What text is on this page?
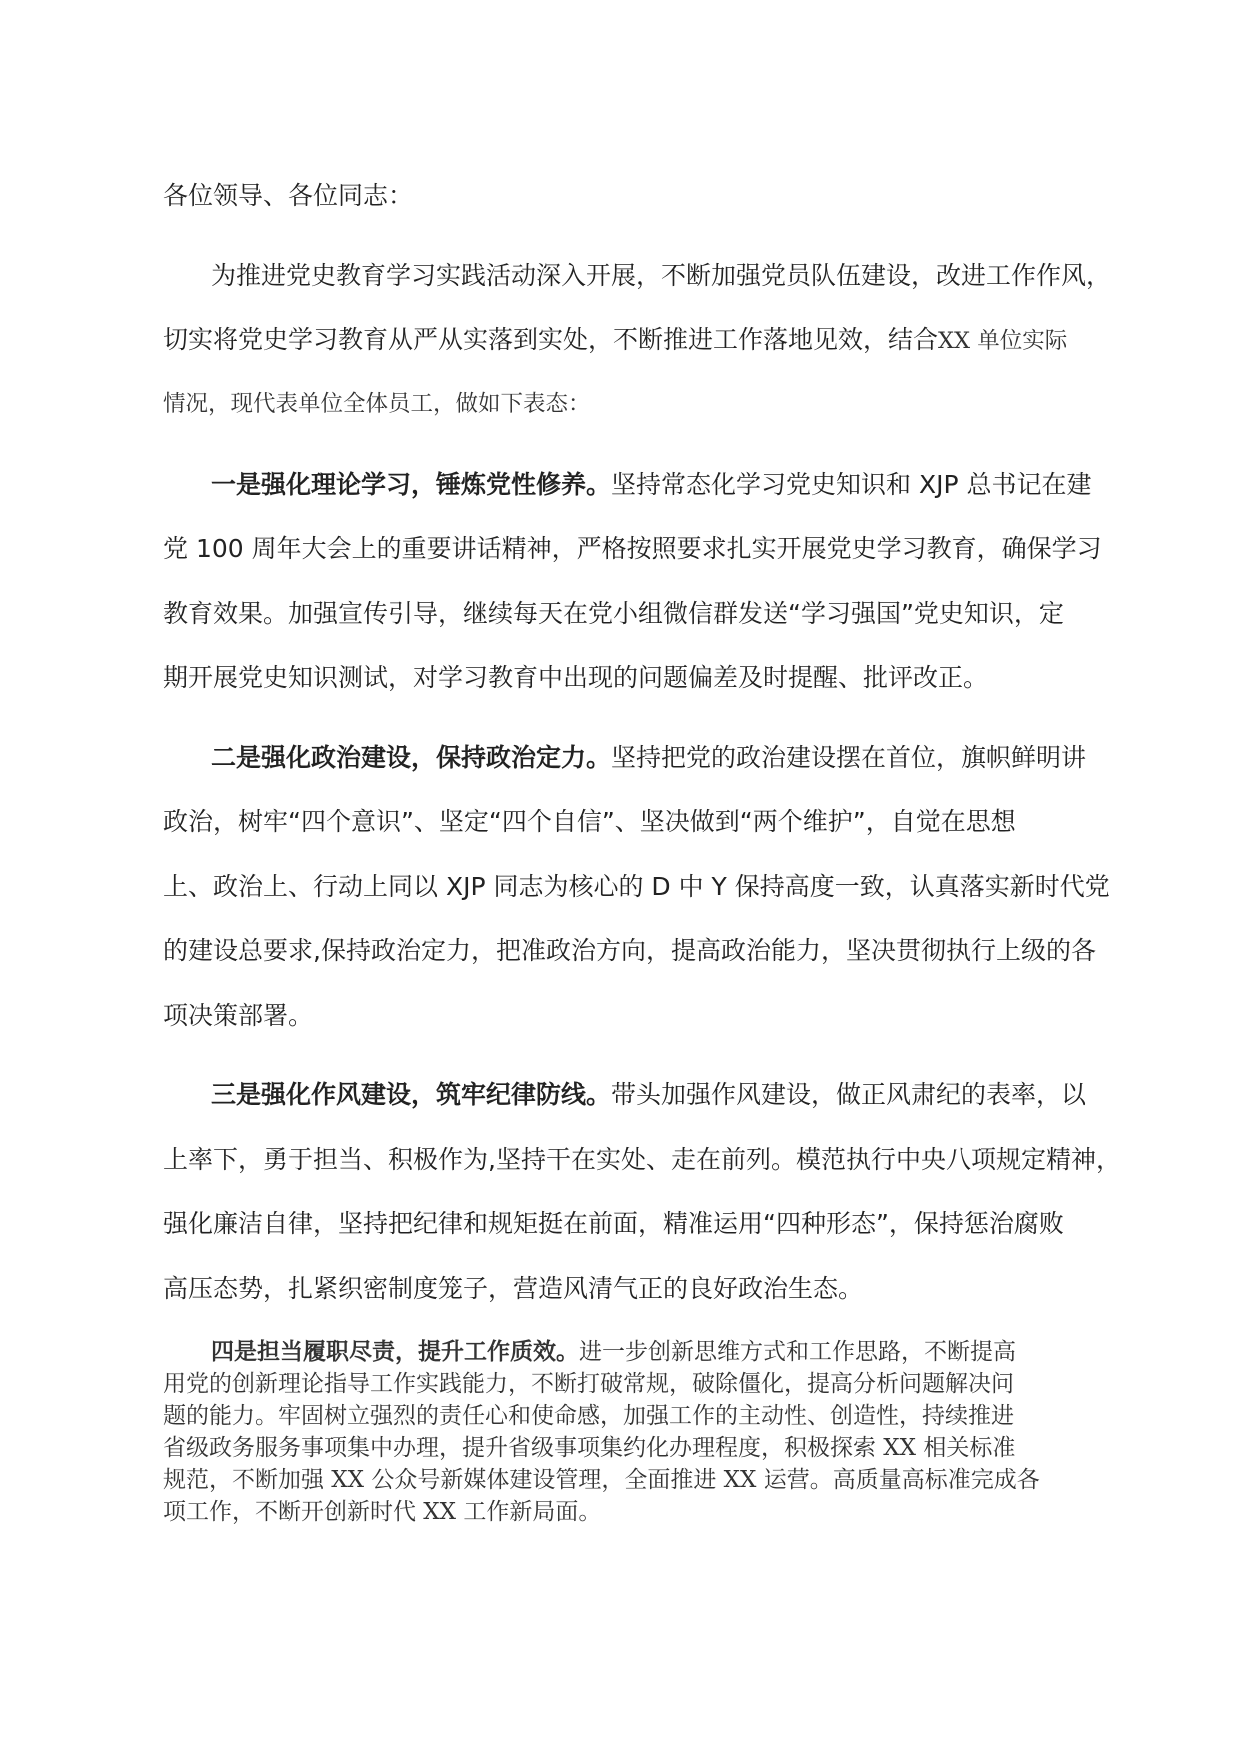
各位领导、各位同志：
为推进党史教育学习实践活动深入开展，不断加强党员队伍建设，改进工作作风，
切实将党史学习教育从严从实落到实处，不断推进工作落地见效，结合XX 单位实际
情况，现代表单位全体员工，做如下表态：
一是强化理论学习，锤炼党性修养。坚持常态化学习党史知识和 XJP 总书记在建
党 100 周年大会上的重要讲话精神，严格按照要求扎实开展党史学习教育，确保学习
教育效果。加强宣传引导，继续每天在党小组微信群发送“学习强国”党史知识，定
期开展党史知识测试，对学习教育中出现的问题偏差及时提醒、批评改正。
二是强化政治建设，保持政治定力。坚持把党的政治建设摆在首位，旗帜鲜明讲
政治，树牢“四个意识”、坚定“四个自信”、坚决做到“两个维护”，自觉在思想
上、政治上、行动上同以 XJP 同志为核心的 D 中 Y 保持高度一致，认真落实新时代党
的建设总要求,保持政治定力，把准政治方向，提高政治能力，坚决贯彻执行上级的各
项决策部署。
三是强化作风建设，筑牢纪律防线。带头加强作风建设，做正风肃纪的表率，以
上率下，勇于担当、积极作为,坚持干在实处、走在前列。模范执行中央八项规定精神，
强化廉洁自律，坚持把纪律和规矩挺在前面，精准运用“四种形态”，保持惩治腐败
高压态势，扎紧织密制度笼子，营造风清气正的良好政治生态。
四是担当履职尽责，提升工作质效。进一步创新思维方式和工作思路，不断提高
用党的创新理论指导工作实践能力，不断打破常规，破除僵化，提高分析问题解决问
题的能力。牢固树立强烈的责任心和使命感，加强工作的主动性、创造性，持续推进
省级政务服务事项集中办理，提升省级事项集约化办理程度，积极探索 XX 相关标准
规范，不断加强 XX 公众号新媒体建设管理，全面推进 XX 运营。高质量高标准完成各
项工作，不断开创新时代 XX 工作新局面。
